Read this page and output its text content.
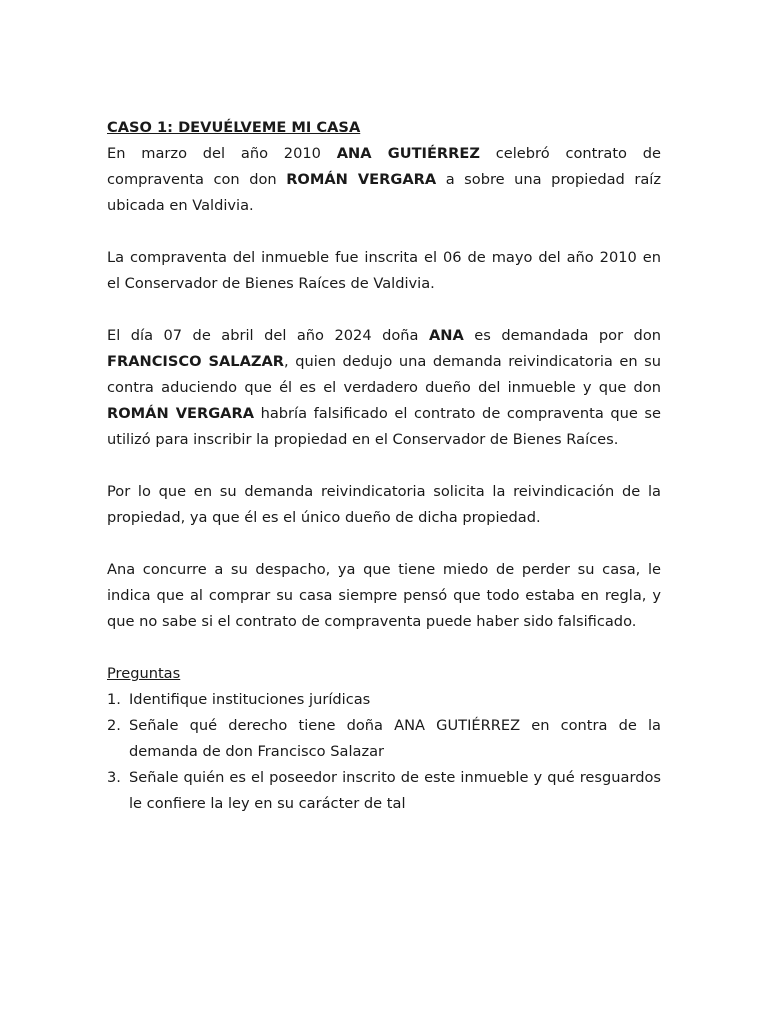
CASO 1: DEVUÉLVEME MI CASA

En marzo del año 2010 ANA GUTIÉRREZ celebró contrato de compraventa con don ROMÁN VERGARA a sobre una propiedad raíz ubicada en Valdivia.

La compraventa del inmueble fue inscrita el 06 de mayo del año 2010 en el Conservador de Bienes Raíces de Valdivia.

El día 07 de abril del año 2024 doña ANA es demandada por don FRANCISCO SALAZAR, quien dedujo una demanda reivindicatoria en su contra aduciendo que él es el verdadero dueño del inmueble y que don ROMÁN VERGARA habría falsificado el contrato de compraventa que se utilizó para inscribir la propiedad en el Conservador de Bienes Raíces.

Por lo que en su demanda reivindicatoria solicita la reivindicación de la propiedad, ya que él es el único dueño de dicha propiedad.

Ana concurre a su despacho, ya que tiene miedo de perder su casa, le indica que al comprar su casa siempre pensó que todo estaba en regla, y que no sabe si el contrato de compraventa puede haber sido falsificado.

Preguntas
1. Identifique instituciones jurídicas
2. Señale qué derecho tiene doña ANA GUTIÉRREZ en contra de la demanda de don Francisco Salazar
3. Señale quién es el poseedor inscrito de este inmueble y qué resguardos le confiere la ley en su carácter de tal
